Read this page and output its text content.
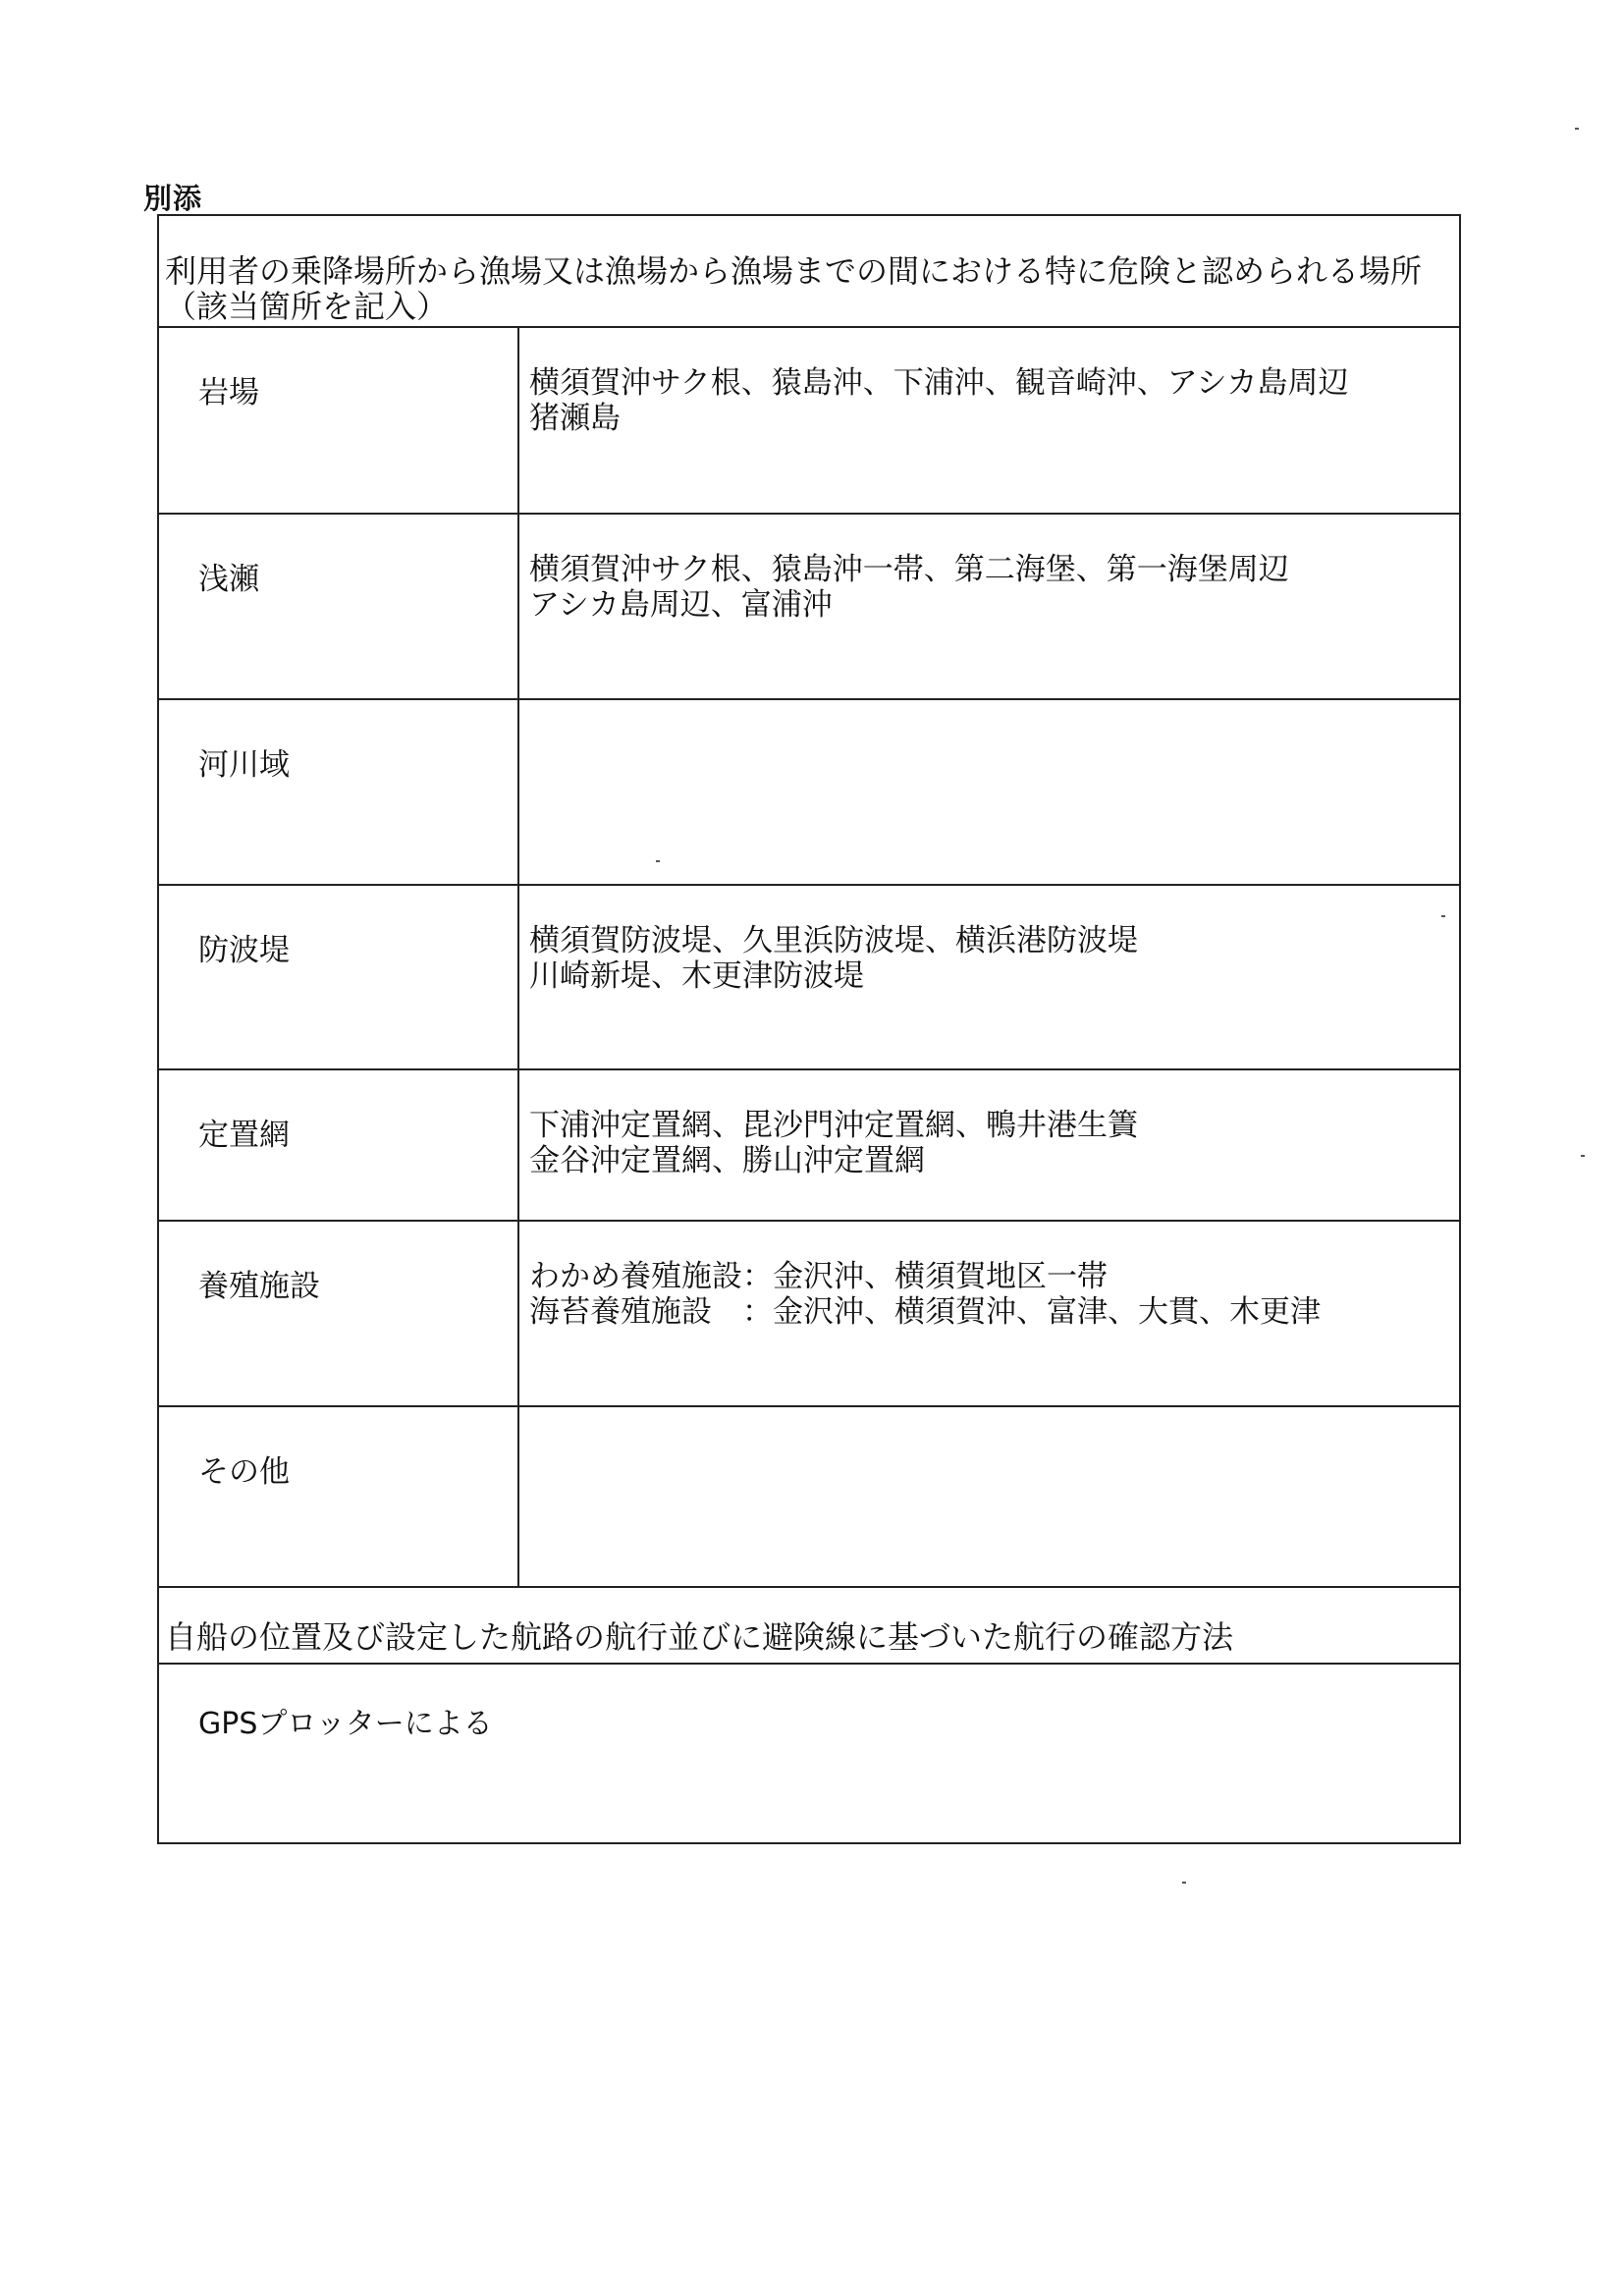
別添
利用者の乗降場所から漁場又は漁場から漁場までの間における特に危険と認められる場所（該当箇所を記入）
岩場	横須賀沖サク根、猿島沖、下浦沖、観音崎沖、アシカ島周辺
猪瀬島
浅瀬	横須賀沖サク根、猿島沖一帯、第二海堡、第一海堡周辺
アシカ島周辺、富浦沖
河川域
防波堤	横須賀防波堤、久里浜防波堤、横浜港防波堤
川崎新堤、木更津防波堤
定置網	下浦沖定置網、毘沙門沖定置網、鴨井港生簀
金谷沖定置網、勝山沖定置網
養殖施設	わかめ養殖施設：金沢沖、横須賀地区一帯
海苔養殖施設　：金沢沖、横須賀沖、富津、大貫、木更津
その他
自船の位置及び設定した航路の航行並びに避険線に基づいた航行の確認方法
GPSプロッターによる
